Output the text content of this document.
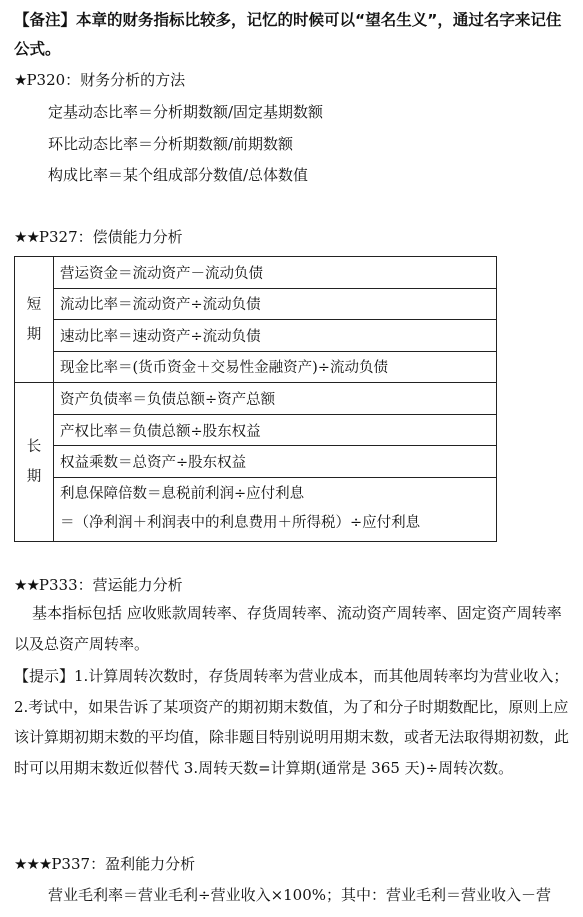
【备注】本章的财务指标比较多，记忆的时候可以“望名生义”，通过名字来记住公式。
★P320：财务分析的方法
定基动态比率＝分析期数额/固定基期数额
环比动态比率＝分析期数额/前期数额
构成比率＝某个组成部分数值/总体数值
★★P327：偿债能力分析
短
期	营运资金＝流动资产－流动负债
	流动比率＝流动资产÷流动负债
	速动比率＝速动资产÷流动负债
	现金比率＝(货币资金＋交易性金融资产)÷流动负债

长
期	资产负债率＝负债总额÷资产总额
	产权比率＝负债总额÷股东权益
	权益乘数＝总资产÷股东权益

	利息保障倍数＝息税前利润÷应付利息
＝（净利润＋利润表中的利息费用＋所得税）÷应付利息
★★P333：营运能力分析
基本指标包括 应收账款周转率、存货周转率、流动资产周转率、固定资产周转率以及总资产周转率。
【提示】1.计算周转次数时，存货周转率为营业成本，而其他周转率均为营业收入；2.考试中，如果告诉了某项资产的期初期末数值，为了和分子时期数配比，原则上应该计算期初期末数的平均值，除非题目特别说明用期末数，或者无法取得期初数，此时可以用期末数近似替代 3.周转天数=计算期(通常是 365 天)÷周转次数。
★★★P337：盈利能力分析
营业毛利率＝营业毛利÷营业收入×100%；其中：营业毛利＝营业收入－营
